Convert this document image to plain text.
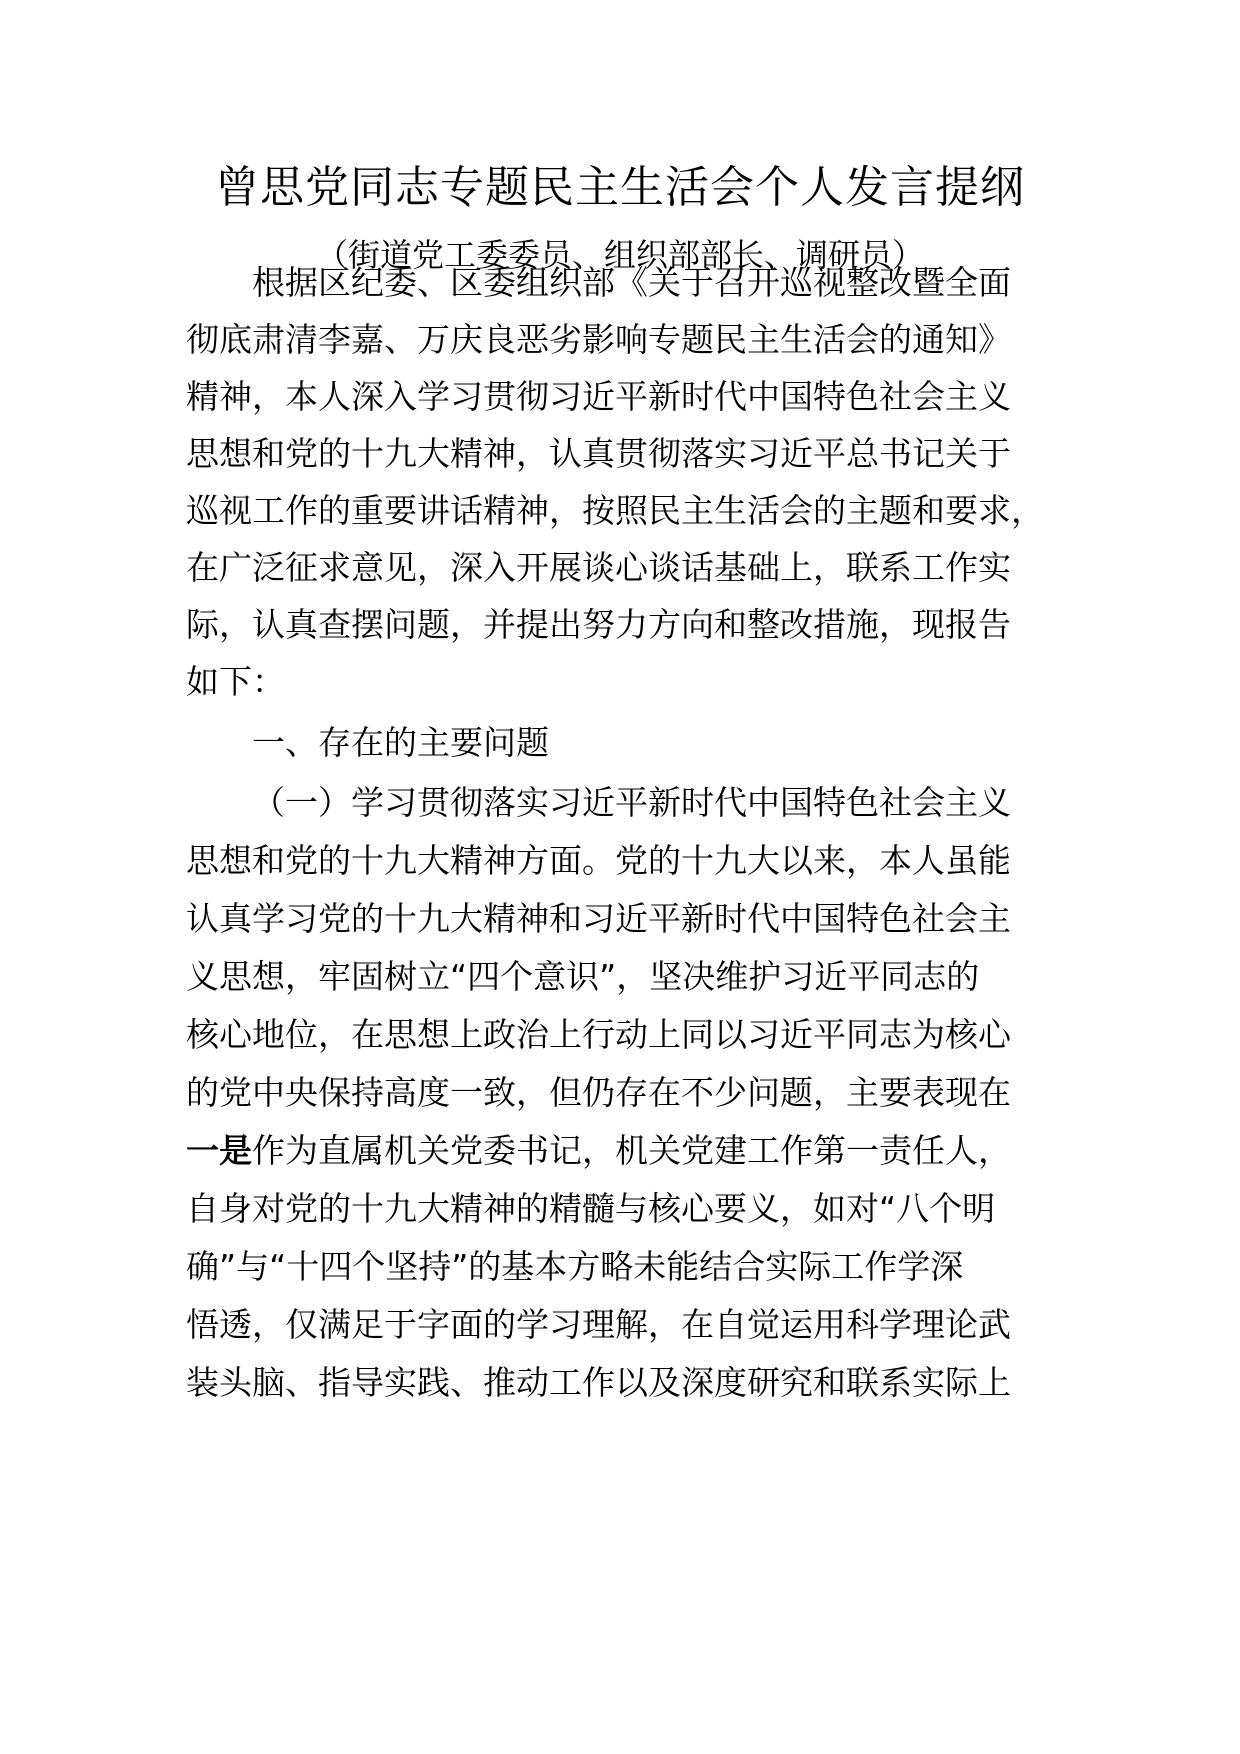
曾思党同志专题民主生活会个人发言提纲
（街道党工委委员、组织部部长、调研员）
根据区纪委、区委组织部《关于召开巡视整改暨全面
彻底肃清李嘉、万庆良恶劣影响专题民主生活会的通知》
精神，本人深入学习贯彻习近平新时代中国特色社会主义
思想和党的十九大精神，认真贯彻落实习近平总书记关于
巡视工作的重要讲话精神，按照民主生活会的主题和要求，
在广泛征求意见，深入开展谈心谈话基础上，联系工作实
际，认真查摆问题，并提出努力方向和整改措施，现报告
如下：
一、存在的主要问题
（一）学习贯彻落实习近平新时代中国特色社会主义
思想和党的十九大精神方面。党的十九大以来，本人虽能
认真学习党的十九大精神和习近平新时代中国特色社会主
义思想，牢固树立“四个意识”，坚决维护习近平同志的
核心地位，在思想上政治上行动上同以习近平同志为核心
的党中央保持高度一致，但仍存在不少问题，主要表现在
一是作为直属机关党委书记，机关党建工作第一责任人，
自身对党的十九大精神的精髓与核心要义，如对“八个明
确”与“十四个坚持”的基本方略未能结合实际工作学深
悟透，仅满足于字面的学习理解，在自觉运用科学理论武
装头脑、指导实践、推动工作以及深度研究和联系实际上
